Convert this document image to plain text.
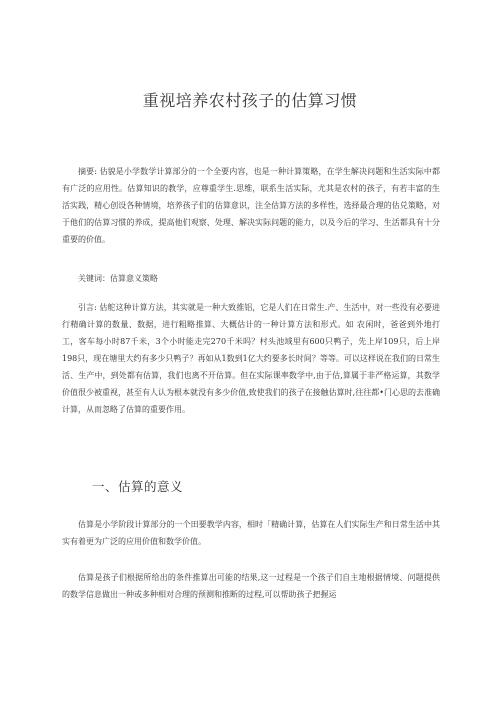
重视培养农村孩子的估算习惯

摘要: 估貌是小学数学计算部分的一个全要内容，也是一种计算策略，在学生解决问题和生活实际中都有广泛的应用性。估算知识的教学，应尊重学生.思维，联系生活实际，尤其是农村的孩子，有若丰富的生活实践，精心创设各种情境，培养孩子们的估算意识，注全估算方法的多样性，选择最合理的估兑策略，对于他们的估算习惯的养成，提高他们观察、处理、解决实际问题的能力，以及今后的学习、生活都具有十分重要的价值。

关键词：估算意义策略

引言: 估舵这种计算方法，其实就是一种大致推铝，它是人们在日常生.产、生活中，对一些没有必要进行精确计算的数量、数据，进行粗略推算、大概估计的一种计算方法和形式。如 农闲时，爸爸到外地打工，客车每小时87千米，3个小时能走完270千米吗？村头池域里有600只鸭子，先上岸109只，后上岸198只，现在塘里大约有多少只鸭子？再如从1数到1亿大约要多长时间？等等。可以这样说在我们的日常生活、生产中，到处都有估算，我们也离不开估算。但在实际课率数学中,由于估,算属于非严格运算，其数学价值很少被重视，甚至有人认为根本就没有多少价值,致使我们的孩子在接触估算时,往往都•门心思的去准确计算，从而忽略了估算的重要作用。

一、估算的意义

估算是小学阶段计算部分的一个田要教学内容，相时「精确计算，估算在人们实际生产和日常生活中其实有着更为广泛的应用价值和数学价值。

估算是孩子们根据所给出的条件推算出可能的结果,这一过程是一个孩子们自主地根据情境、问题提供的数学信息做出一种或多种相对合理的预测和推断的过程,可以帮助孩子把握运
